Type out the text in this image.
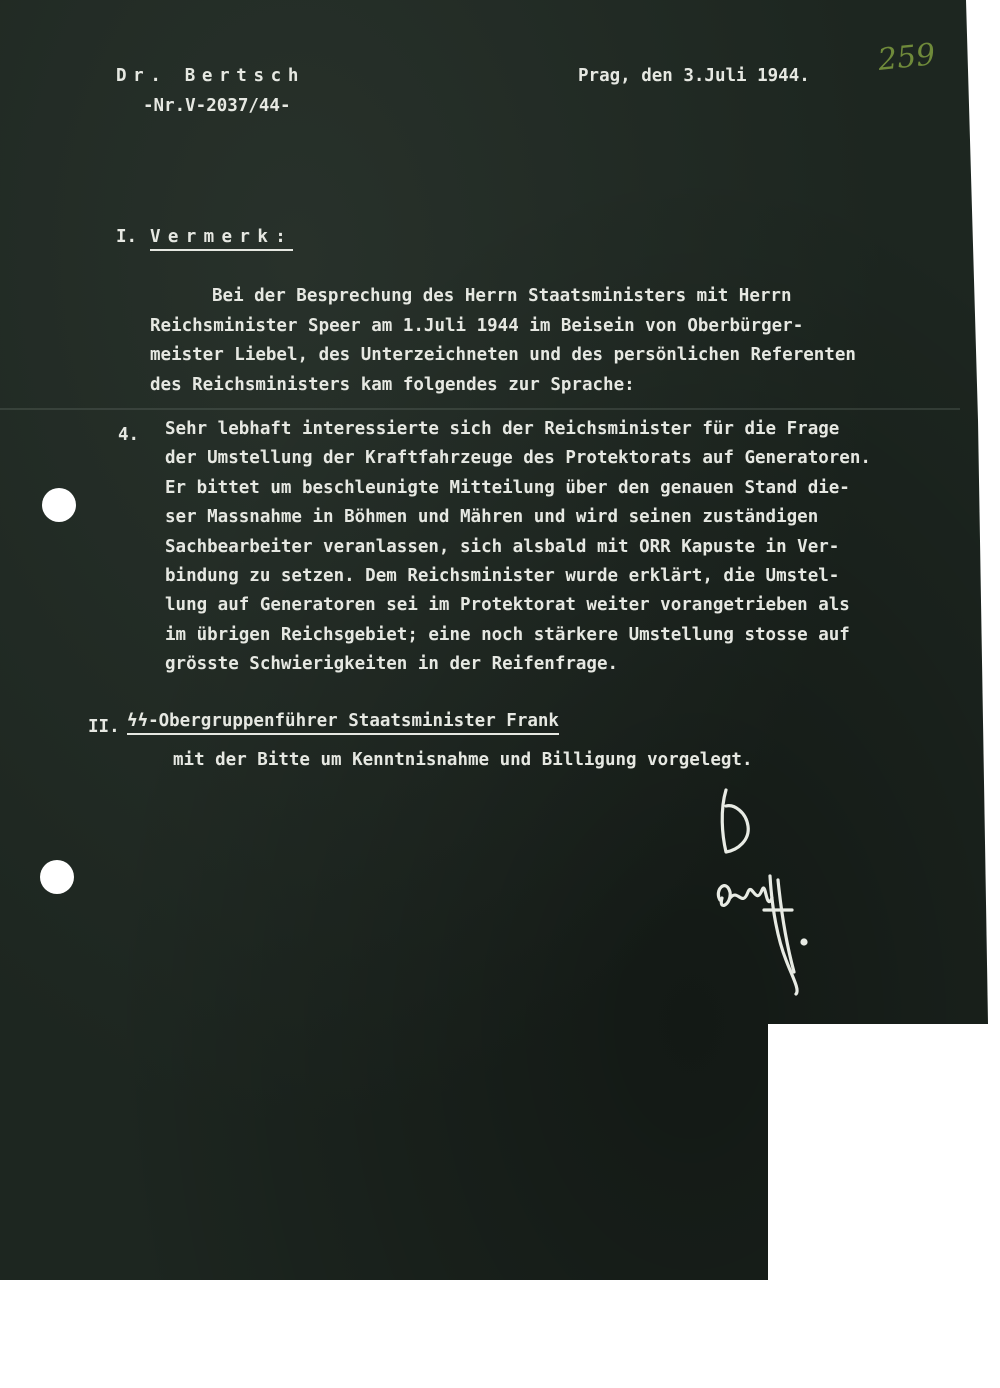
259
Dr. Bertsch
-Nr.V-2037/44-
Prag, den 3.Juli 1944.
I. Vermerk:
Bei der Besprechung des Herrn Staatsministers mit Herrn
Reichsminister Speer am 1.Juli 1944 im Beisein von Oberbürger-
meister Liebel, des Unterzeichneten und des persönlichen Referenten
des Reichsministers kam folgendes zur Sprache:
4. Sehr lebhaft interessierte sich der Reichsminister für die Frage
der Umstellung der Kraftfahrzeuge des Protektorats auf Generatoren.
Er bittet um beschleunigte Mitteilung über den genauen Stand die-
ser Massnahme in Böhmen und Mähren und wird seinen zuständigen
Sachbearbeiter veranlassen, sich alsbald mit ORR Kapuste in Ver-
bindung zu setzen. Dem Reichsminister wurde erklärt, die Umstel-
lung auf Generatoren sei im Protektorat weiter vorangetrieben als
im übrigen Reichsgebiet; eine noch stärkere Umstellung stosse auf
grösste Schwierigkeiten in der Reifenfrage.
II. ϟϟ-Obergruppenführer Staatsminister Frank
mit der Bitte um Kenntnisnahme und Billigung vorgelegt.
